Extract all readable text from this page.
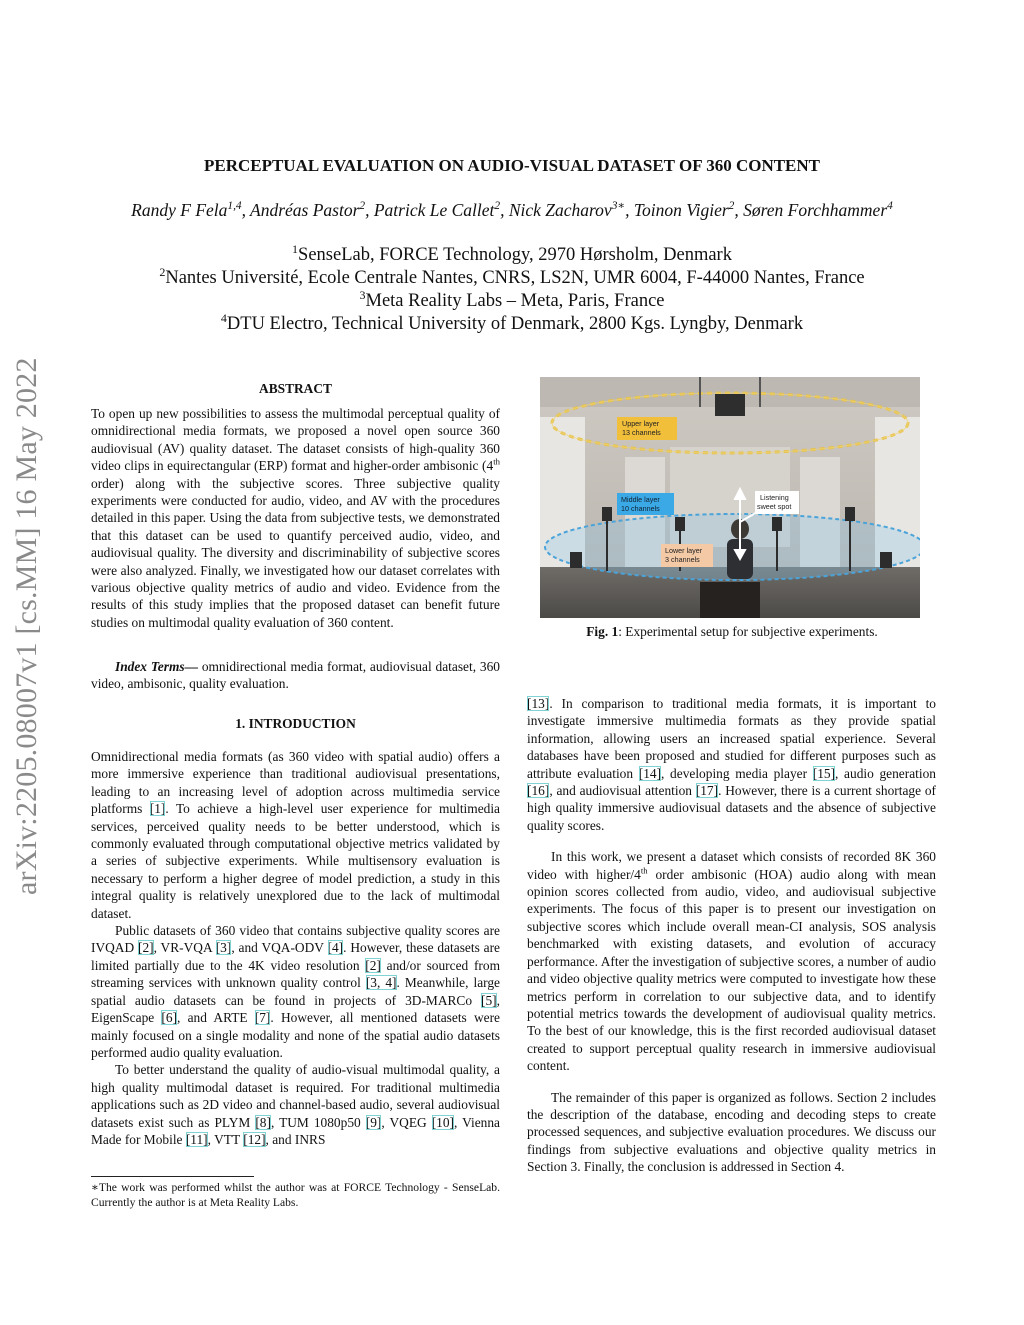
arXiv:2205.08007v1 [cs.MM] 16 May 2022
PERCEPTUAL EVALUATION ON AUDIO-VISUAL DATASET OF 360 CONTENT
Randy F Fela$^{1,4}$, Andréas Pastor$^2$, Patrick Le Callet$^2$, Nick Zacharov$^{3∗}$, Toinon Vigier$^2$, Søren Forchhammer$^4$
$^1$SenseLab, FORCE Technology, 2970 Hørsholm, Denmark
$^2$Nantes Université, Ecole Centrale Nantes, CNRS, LS2N, UMR 6004, F-44000 Nantes, France
$^3$Meta Reality Labs – Meta, Paris, France
$^4$DTU Electro, Technical University of Denmark, 2800 Kgs. Lyngby, Denmark
ABSTRACT

To open up new possibilities to assess the multimodal perceptual quality of omnidirectional media formats, we proposed a novel open source 360 audiovisual (AV) quality dataset. The dataset consists of high-quality 360 video clips in equirectangular (ERP) format and higher-order ambisonic (4th order) along with the subjective scores. Three subjective quality experiments were conducted for audio, video, and AV with the procedures detailed in this paper. Using the data from subjective tests, we demonstrated that this dataset can be used to quantify perceived audio, video, and audiovisual quality. The diversity and discriminability of subjective scores were also analyzed. Finally, we investigated how our dataset correlates with various objective quality metrics of audio and video. Evidence from the results of this study implies that the proposed dataset can benefit future studies on multimodal quality evaluation of 360 content.

Index Terms— omnidirectional media format, audiovisual dataset, 360 video, ambisonic, quality evaluation.

1. INTRODUCTION

Omnidirectional media formats (as 360 video with spatial audio) offers a more immersive experience than traditional audiovisual presentations, leading to an increasing level of adoption across multimedia service platforms [1]. To achieve a high-level user experience for multimedia services, perceived quality needs to be better understood, which is commonly evaluated through computational objective metrics validated by a series of subjective experiments. While multisensory evaluation is necessary to perform a higher degree of model prediction, a study in this integral quality is relatively unexplored due to the lack of multimodal dataset.

Public datasets of 360 video that contains subjective quality scores are IVQAD [2], VR-VQA [3], and VQA-ODV [4]. However, these datasets are limited partially due to the 4K video resolution [2] and/or sourced from streaming services with unknown quality control [3, 4]. Meanwhile, large spatial audio datasets can be found in projects of 3D-MARCo [5], EigenScape [6], and ARTE [7]. However, all mentioned datasets were mainly focused on a single modality and none of the spatial audio datasets performed audio quality evaluation.

To better understand the quality of audio-visual multimodal quality, a high quality multimodal dataset is required. For traditional multimedia applications such as 2D video and channel-based audio, several audiovisual datasets exist such as PLYM [8], TUM 1080p50 [9], VQEG [10], Vienna Made for Mobile [11], VTT [12], and INRS

∗The work was performed whilst the author was at FORCE Technology - SenseLab. Currently the author is at Meta Reality Labs.
Upper layer 13 channels
Middle layer 10 channels
Lower layer 3 channels
Listening sweet spot
Fig. 1: Experimental setup for subjective experiments.

[13]. In comparison to traditional media formats, it is important to investigate immersive multimedia formats as they provide spatial information, allowing users an increased spatial experience. Several databases have been proposed and studied for different purposes such as attribute evaluation [14], developing media player [15], audio generation [16], and audiovisual attention [17]. However, there is a current shortage of high quality immersive audiovisual datasets and the absence of subjective quality scores.

In this work, we present a dataset which consists of recorded 8K 360 video with higher/4th order ambisonic (HOA) audio along with mean opinion scores collected from audio, video, and audiovisual subjective experiments. The focus of this paper is to present our investigation on subjective scores which include overall mean-CI analysis, SOS analysis benchmarked with existing datasets, and evolution of accuracy performance. After the investigation of subjective scores, a number of audio and video objective quality metrics were computed to investigate how these metrics perform in correlation to our subjective data, and to identify potential metrics towards the development of audiovisual quality metrics. To the best of our knowledge, this is the first recorded audiovisual dataset created to support perceptual quality research in immersive audiovisual content.

The remainder of this paper is organized as follows. Section 2 includes the description of the database, encoding and decoding steps to create processed sequences, and subjective evaluation procedures. We discuss our findings from subjective evaluations and objective quality metrics in Section 3. Finally, the conclusion is addressed in Section 4.
